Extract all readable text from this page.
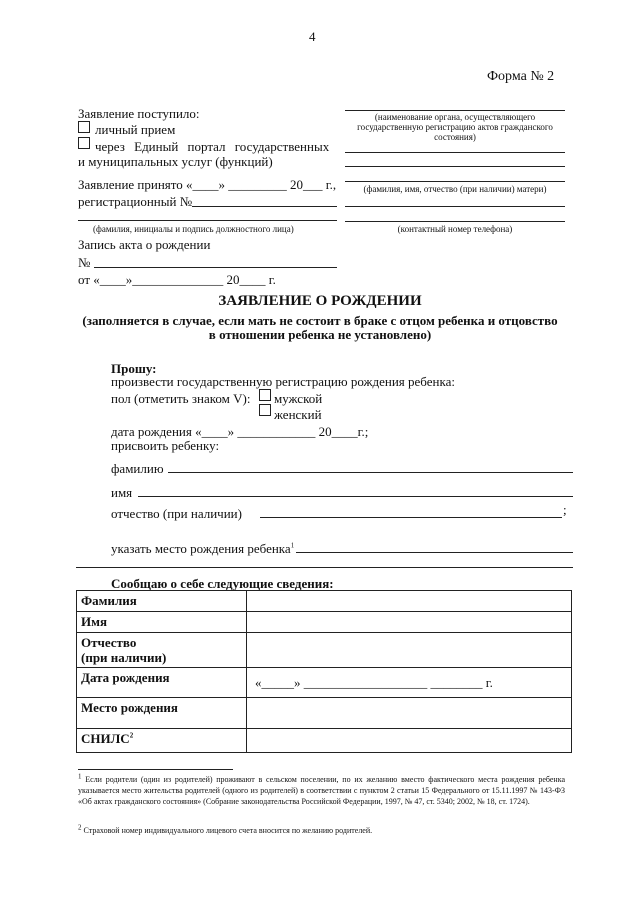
4
Форма № 2
Заявление поступило:
личный прием
через Единый портал государственных
и муниципальных услуг (функций)
Заявление принято «____» _________ 20___ г.,
регистрационный №
(фамилия, инициалы и подпись должностного лица)
Запись акта о рождении
№
от «____»______________ 20____ г.
(наименование органа, осуществляющего
государственную регистрацию актов гражданского
состояния)
(фамилия, имя, отчество (при наличии) матери)
(контактный номер телефона)
ЗАЯВЛЕНИЕ О РОЖДЕНИИ
(заполняется в случае, если мать не состоит в браке с отцом ребенка и отцовство
в отношении ребенка не установлено)
Прошу:
произвести государственную регистрацию рождения ребенка:
пол (отметить знаком V): мужской
женский
дата рождения «____» ____________ 20____г.;
присвоить ребенку:
фамилию
имя
отчество (при наличии)	;
указать место рождения ребенка$^1$
Сообщаю о себе следующие сведения:
Фамилия	
Имя	

Отчество
(при наличии)	

Дата рождения	«_____» ___________________ ________ г.
Место рождения	
СНИЛС$^2$	
$^1$ Если родители (один из родителей) проживают в сельском поселении, по их желанию вместо фактического места рождения ребенка указывается место жительства родителей (одного из родителей) в соответствии с пунктом 2 статьи 15 Федерального от 15.11.1997 № 143-ФЗ «Об актах гражданского состояния» (Собрание законодательства Российской Федерации, 1997, № 47, ст. 5340; 2002, № 18, ст. 1724).
$^2$ Страховой номер индивидуального лицевого счета вносится по желанию родителей.
